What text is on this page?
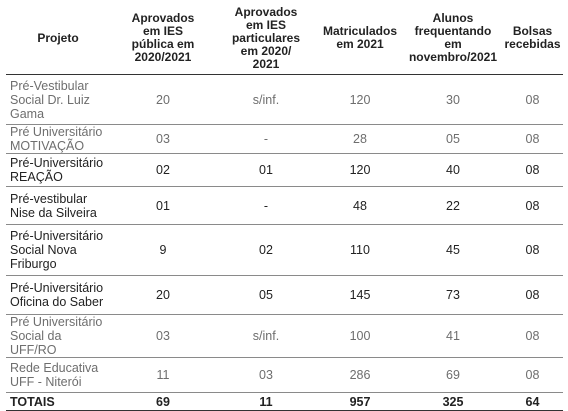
Projeto	Aprovados
em IES
pública em
2020/2021	Aprovados
em IES
particulares
em 2020/
2021	Matriculados
em 2021	Alunos
frequentando
em
novembro/2021	Bolsas
recebidas

Pré-Vestibular
Social Dr. Luiz
Gama	20	s/inf.	120	30	08

Pré Universitário
MOTIVAÇÃO	03	-	28	05	08

Pré-Universitário
REAÇÃO	02	01	120	40	08

Pré-vestibular
Nise da Silveira	01	-	48	22	08

Pré-Universitário
Social Nova
Friburgo	9	02	110	45	08

Pré-Universitário
Oficina do Saber	20	05	145	73	08

Pré Universitário
Social da UFF/RO	03	s/inf.	100	41	08

Rede Educativa
UFF - Niterói	11	03	286	69	08
TOTAIS	69	11	957	325	64
